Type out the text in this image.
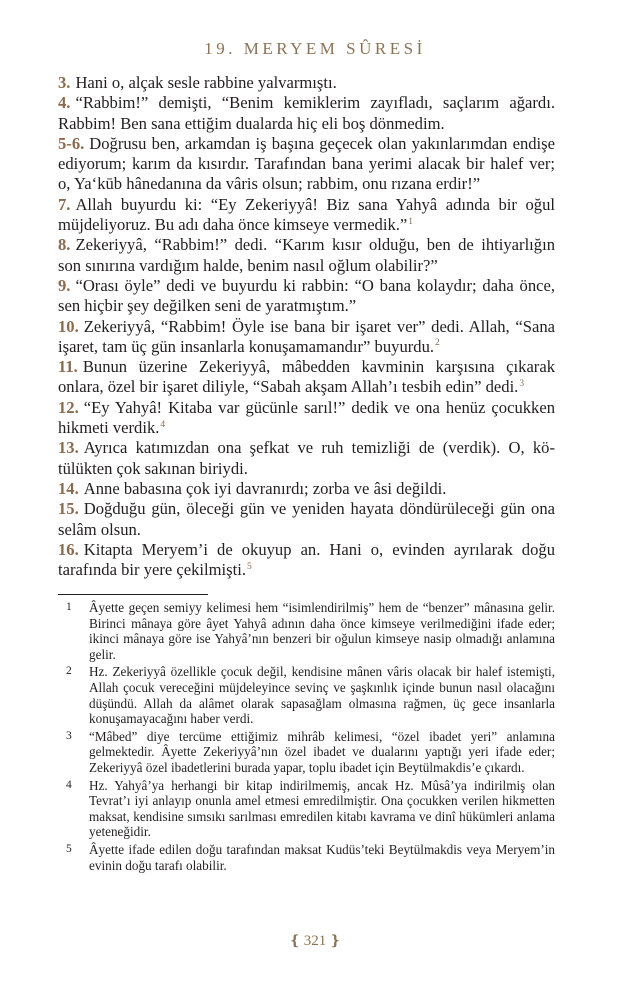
19. MERYEM SÛRESİ

3. Hani o, alçak sesle rabbine yalvarmıştı.

4. “Rabbim!” demişti, “Benim kemiklerim zayıfladı, saçlarım ağardı. Rabbim! Ben sana ettiğim dualarda hiç eli boş dönmedim.

5-6. Doğrusu ben, arkamdan iş başına geçecek olan yakınlarımdan endişe ediyorum; karım da kısırdır. Tarafından bana yerimi alacak bir halef ver; o, Ya‘kūb hânedanına da vâris olsun; rabbim, onu rızana erdir!”

7. Allah buyurdu ki: “Ey Zekeriyyâ! Biz sana Yahyâ adında bir oğul müjdeliyoruz. Bu adı daha önce kimseye vermedik.”$^1$

8. Zekeriyyâ, “Rabbim!” dedi. “Karım kısır olduğu, ben de ihtiyarlığın son sınırına vardığım halde, benim nasıl oğlum olabilir?”

9. “Orası öyle” dedi ve buyurdu ki rabbin: “O bana kolaydır; daha önce, sen hiçbir şey değilken seni de yaratmıştım.”

10. Zekeriyyâ, “Rabbim! Öyle ise bana bir işaret ver” dedi. Allah, “Sana işaret, tam üç gün insanlarla konuşamamandır” buyurdu.$^2$

11. Bunun üzerine Zekeriyyâ, mâbedden kavminin karşısına çıkarak onlara, özel bir işaret diliyle, “Sabah akşam Allah’ı tesbih edin” dedi.$^3$

12. “Ey Yahyâ! Kitaba var gücünle sarıl!” dedik ve ona henüz çocukken hikmeti verdik.$^4$

13. Ayrıca katımızdan ona şefkat ve ruh temizliği de (verdik). O, kötülükten çok sakınan biriydi.

14. Anne babasına çok iyi davranırdı; zorba ve âsi değildi.

15. Doğduğu gün, öleceği gün ve yeniden hayata döndürüleceği gün ona selâm olsun.

16. Kitapta Meryem’i de okuyup an. Hani o, evinden ayrılarak doğu tarafında bir yere çekilmişti.$^5$

1	Âyette geçen semiyy kelimesi hem “isimlendirilmiş” hem de “benzer” mânasına gelir. Birinci mânaya göre âyet Yahyâ adının daha önce kimseye verilmediğini ifade eder; ikinci mânaya göre ise Yahyâ’nın benzeri bir oğulun kimseye nasip olmadığı anlamına gelir.
2	Hz. Zekeriyyâ özellikle çocuk değil, kendisine mânen vâris olacak bir halef istemişti, Allah çocuk vereceğini müjdeleyince sevinç ve şaşkınlık içinde bunun nasıl olacağını düşündü. Allah da alâmet olarak sapasağlam olmasına rağmen, üç gece insanlarla konuşamayacağını haber verdi.
3	“Mâbed” diye tercüme ettiğimiz mihrâb kelimesi, “özel ibadet yeri” anlamına gelmektedir. Âyette Zekeriyyâ’nın özel ibadet ve dualarını yaptığı yeri ifade eder; Zekeriyyâ özel ibadetlerini burada yapar, toplu ibadet için Beytülmakdis’e çıkardı.
4	Hz. Yahyâ’ya herhangi bir kitap indirilmemiş, ancak Hz. Mûsâ’ya indirilmiş olan Tevrat’ı iyi anlayıp onunla amel etmesi emredilmiştir. Ona çocukken verilen hikmetten maksat, kendisine sımsıkı sarılması emredilen kitabı kavrama ve dinî hükümleri anlama yeteneğidir.
5	Âyette ifade edilen doğu tarafından maksat Kudüs’teki Beytülmakdis veya Meryem’in evinin doğu tarafı olabilir.
❴ 321 ❵
